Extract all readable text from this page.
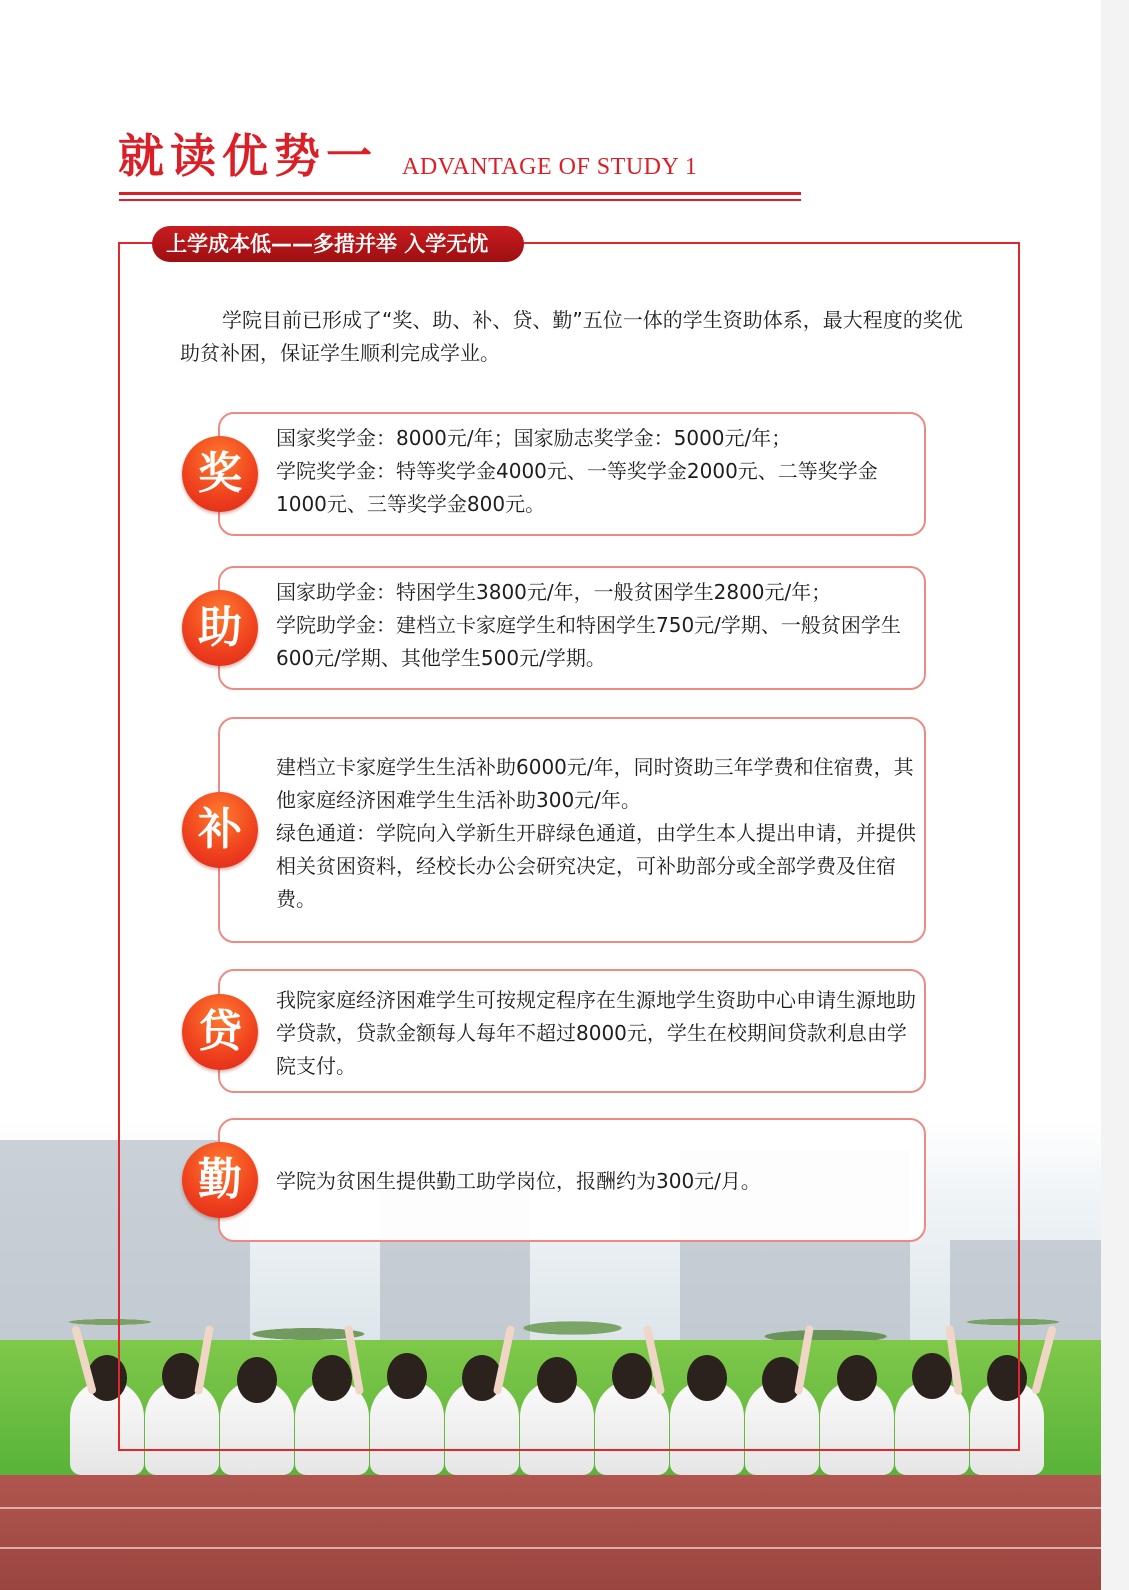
就读优势一 ADVANTAGE OF STUDY 1
上学成本低——多措并举 入学无忧
学院目前已形成了“奖、助、补、贷、勤”五位一体的学生资助体系，最大程度的奖优助贫补困，保证学生顺利完成学业。
国家奖学金：8000元/年；国家励志奖学金：5000元/年；
学院奖学金：特等奖学金4000元、一等奖学金2000元、二等奖学金1000元、三等奖学金800元。
奖
国家助学金：特困学生3800元/年，一般贫困学生2800元/年；
学院助学金：建档立卡家庭学生和特困学生750元/学期、一般贫困学生600元/学期、其他学生500元/学期。
助
建档立卡家庭学生生活补助6000元/年，同时资助三年学费和住宿费，其他家庭经济困难学生生活补助300元/年。
绿色通道：学院向入学新生开辟绿色通道，由学生本人提出申请，并提供相关贫困资料，经校长办公会研究决定，可补助部分或全部学费及住宿费。
补
我院家庭经济困难学生可按规定程序在生源地学生资助中心申请生源地助学贷款，贷款金额每人每年不超过8000元，学生在校期间贷款利息由学院支付。
贷
学院为贫困生提供勤工助学岗位，报酬约为300元/月。
勤
